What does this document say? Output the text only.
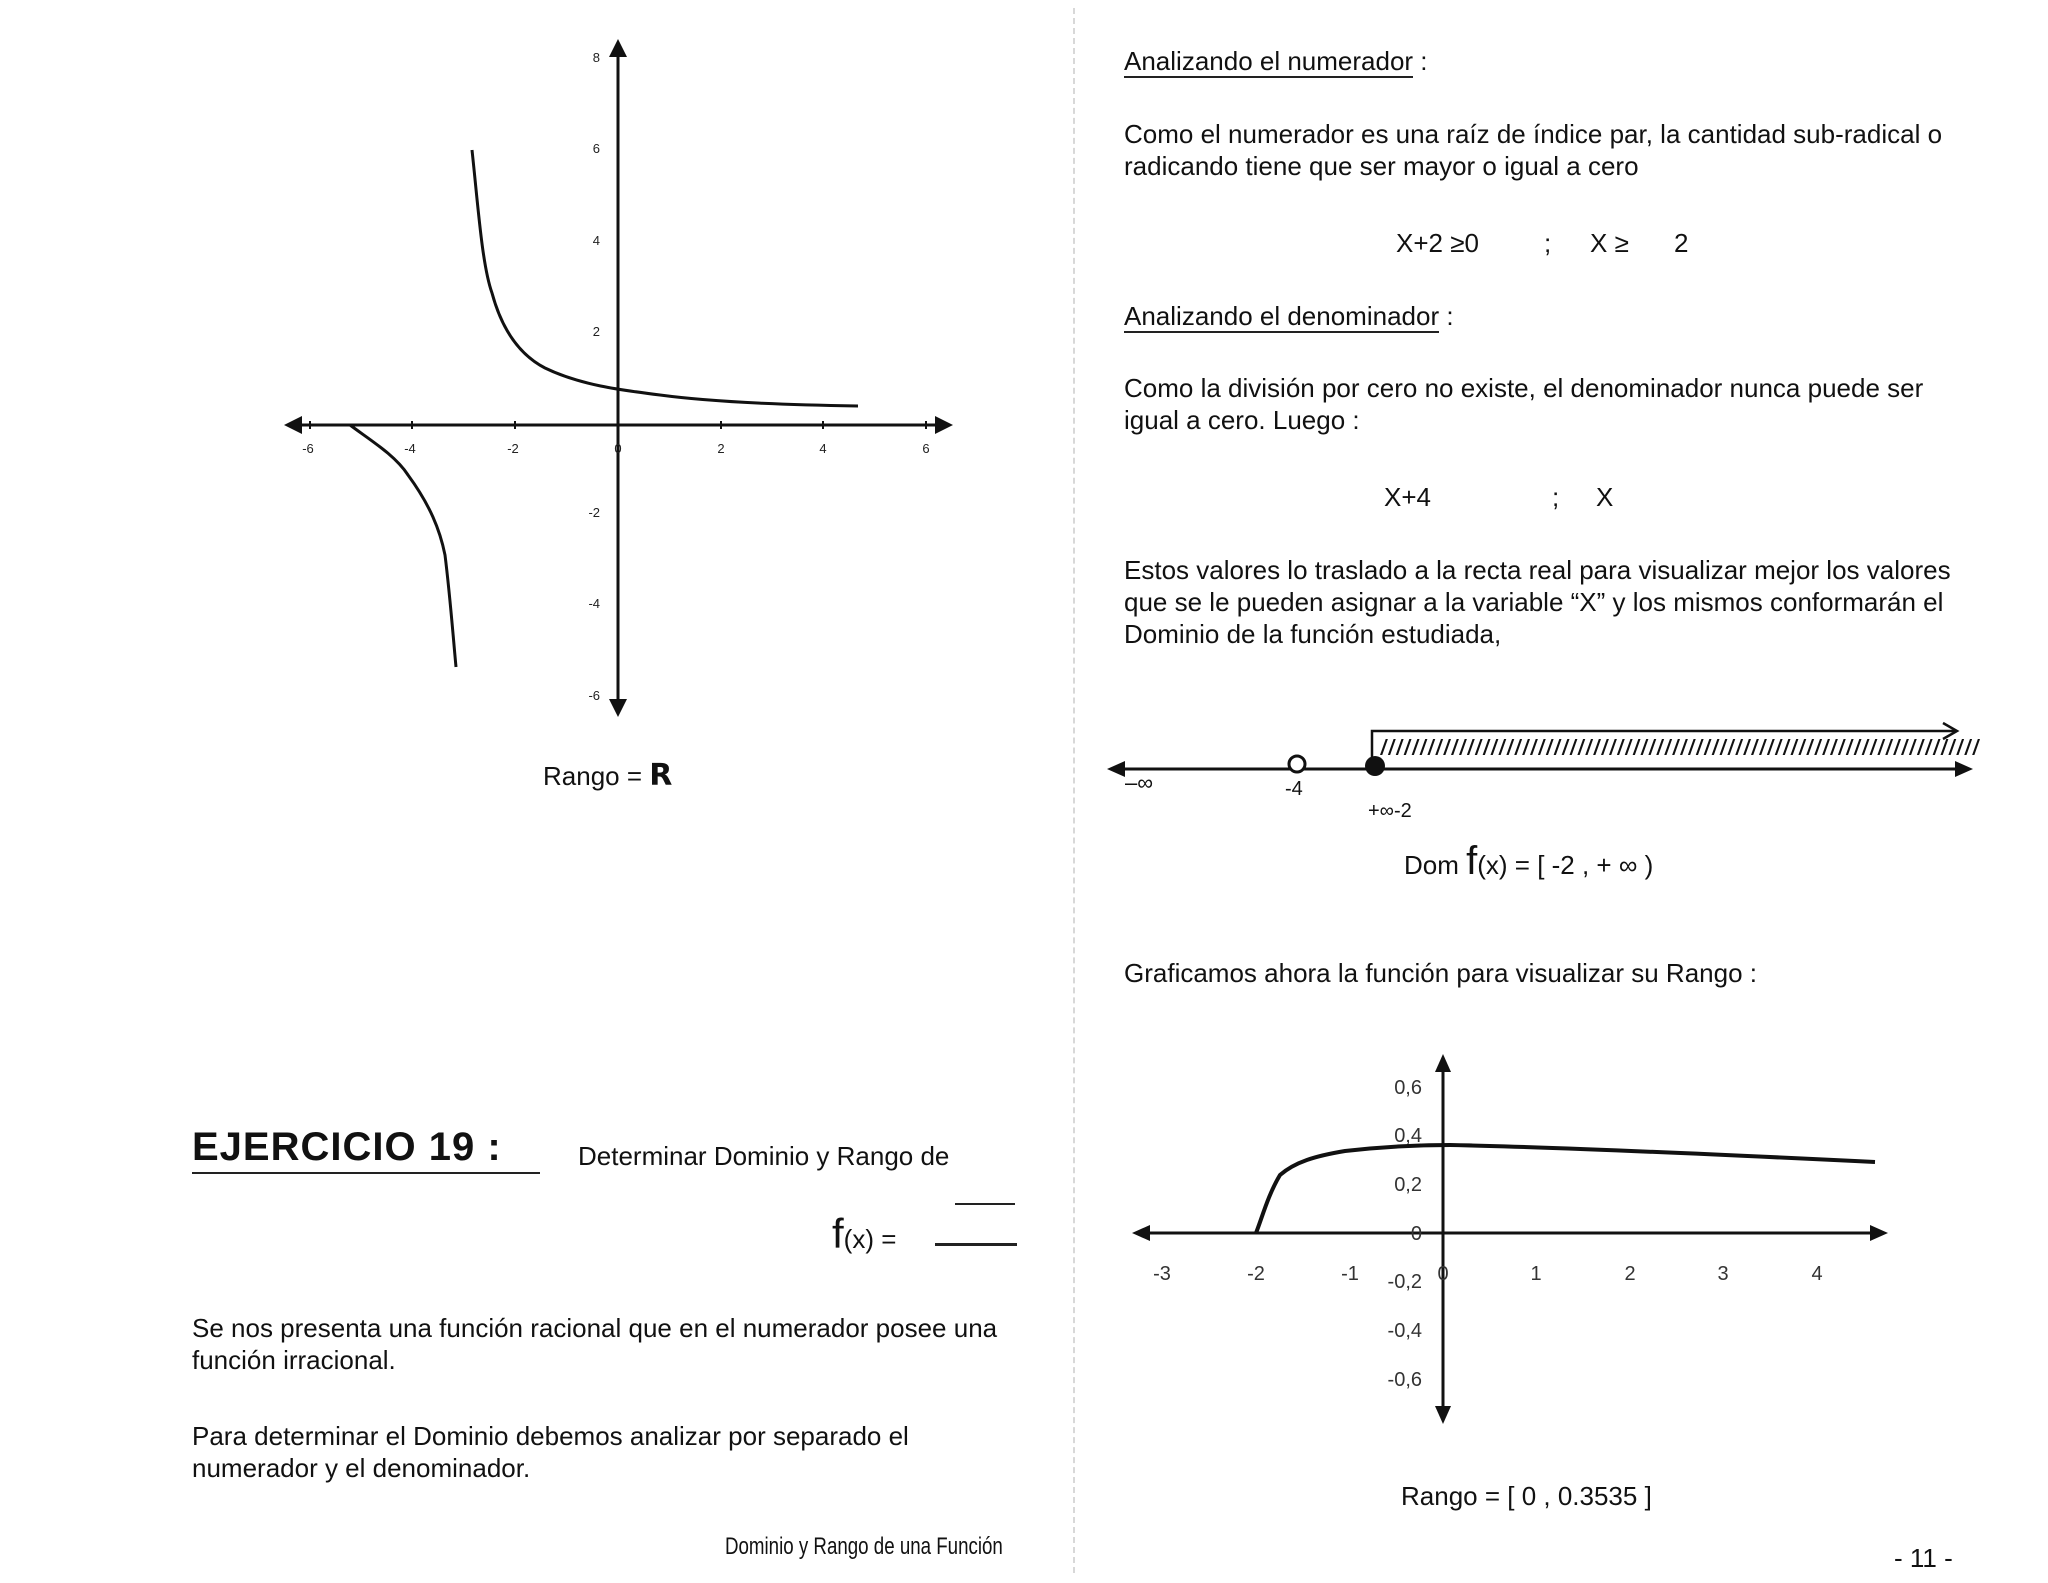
-6	-4	-2	0	2	4	6
8
6
4
2
-2
-4
-6
Rango = R
EJERCICIO 19 :	Determinar Dominio y Rango de
f(x) =
Se nos presenta una función racional que en el numerador posee una
función irracional.
Para determinar el Dominio debemos analizar por separado el
numerador y el denominador.
Dominio y Rango de una Función
Analizando el numerador :
Como el numerador es una raíz de índice par, la cantidad sub-radical o
radicando tiene que ser mayor o igual a cero
X+2 ≥0	; X ≥ 2
Analizando el denominador :
Como la división por cero no existe, el denominador nunca puede ser
igual a cero. Luego :
X+4	; X
Estos valores lo traslado a la recta real para visualizar mejor los valores
que se le pueden asignar a la variable “X” y los mismos conformarán el
Dominio de la función estudiada,
////////////////////////////////////////////////////////////////////////////
–∞	-4
+∞-2
Dom f(x) = [ -2 , + ∞ )
Graficamos ahora la función para visualizar su Rango :
-3	-2	-1	0	1	2	3	4
0,6
0,4
0,2
0
-0,2
-0,4
-0,6
Rango = [ 0 , 0.3535 ]
- 11 -
